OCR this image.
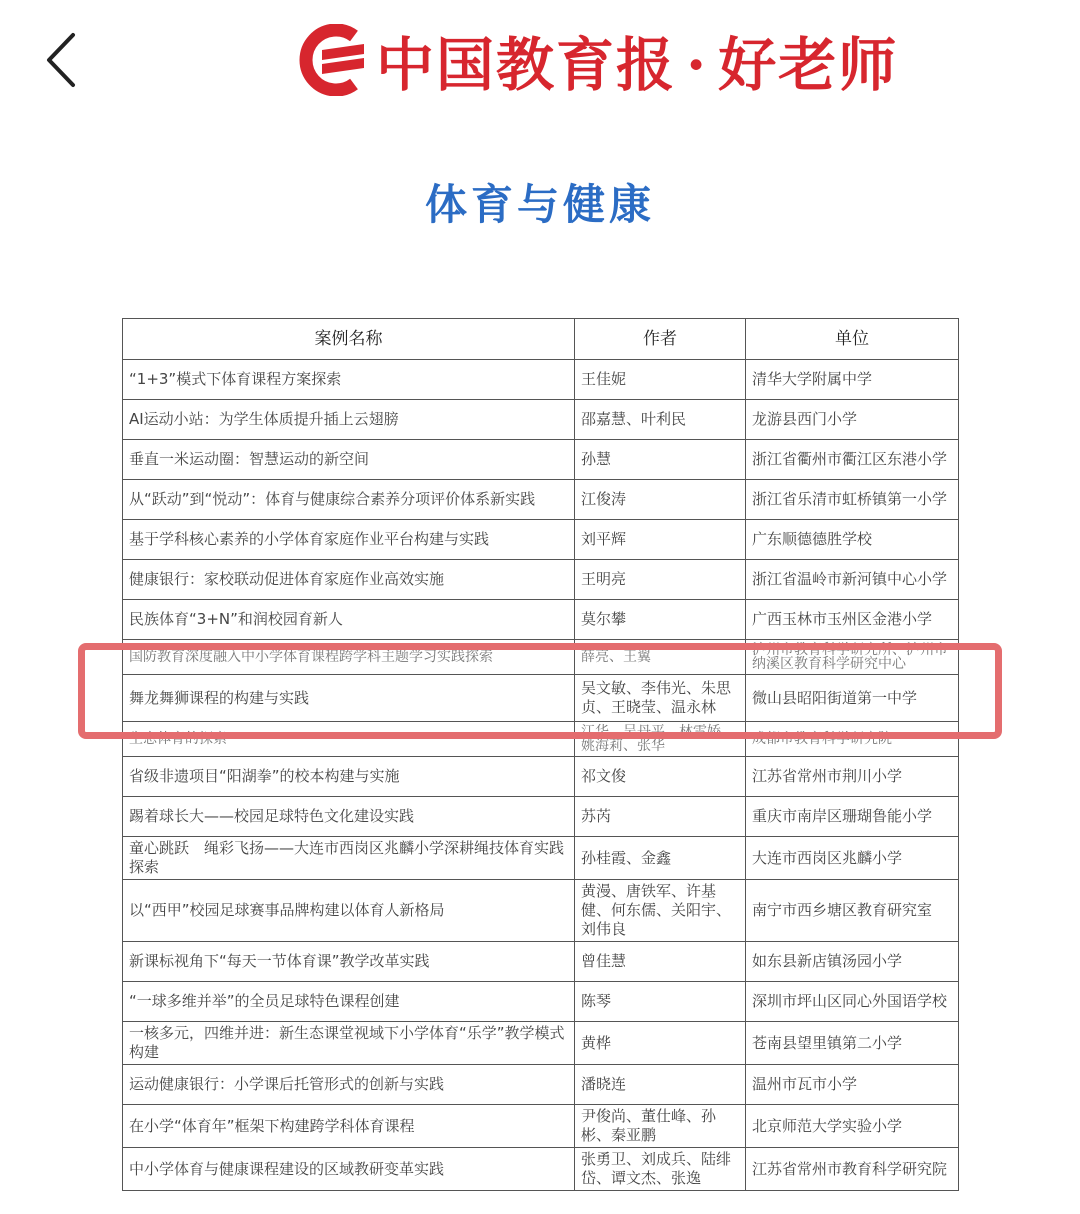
中国教育报 · 好老师
体育与健康
案例名称	作者	单位
“1+3”模式下体育课程方案探索	王佳妮	清华大学附属中学
AI运动小站：为学生体质提升插上云翅膀	邵嘉慧、叶利民	龙游县西门小学
垂直一米运动圈：智慧运动的新空间	孙慧	浙江省衢州市衢江区东港小学
从“跃动”到“悦动”：体育与健康综合素养分项评价体系新实践	江俊涛	浙江省乐清市虹桥镇第一小学
基于学科核心素养的小学体育家庭作业平台构建与实践	刘平辉	广东顺德德胜学校
健康银行：家校联动促进体育家庭作业高效实施	王明亮	浙江省温岭市新河镇中心小学
民族体育“3+N”和润校园育新人	莫尔攀	广西玉林市玉州区金港小学

国防教育深度融入中小学体育课程跨学科主题学习实践探索	薛亮、王翼	泸州市教育科学研究所、泸州市纳溪区教育科学研究中心

舞龙舞狮课程的构建与实践	吴文敏、李伟光、朱思贞、王晓莹、温永林	微山县昭阳街道第一中学

生态体育的探索	江华、吴丹平、林雪娇、姚海莉、张华	成都市教育科学研究院

省级非遗项目“阳湖拳”的校本构建与实施	祁文俊	江苏省常州市荆川小学
踢着球长大——校园足球特色文化建设实践	苏芮	重庆市南岸区珊瑚鲁能小学
童心跳跃　绳彩飞扬——大连市西岗区兆麟小学深耕绳技体育实践探索	孙桂霞、金鑫	大连市西岗区兆麟小学
以“西甲”校园足球赛事品牌构建以体育人新格局	黄漫、唐铁军、许基健、何东儒、关阳宇、刘伟良	南宁市西乡塘区教育研究室
新课标视角下“每天一节体育课”教学改革实践	曾佳慧	如东县新店镇汤园小学
“一球多维并举”的全员足球特色课程创建	陈琴	深圳市坪山区同心外国语学校
一核多元，四维并进：新生态课堂视域下小学体育“乐学”教学模式构建	黄桦	苍南县望里镇第二小学
运动健康银行：小学课后托管形式的创新与实践	潘晓连	温州市瓦市小学
在小学“体育年”框架下构建跨学科体育课程	尹俊尚、董仕峰、孙彬、秦亚鹏	北京师范大学实验小学
中小学体育与健康课程建设的区域教研变革实践	张勇卫、刘成兵、陆绯岱、谭文杰、张逸	江苏省常州市教育科学研究院
